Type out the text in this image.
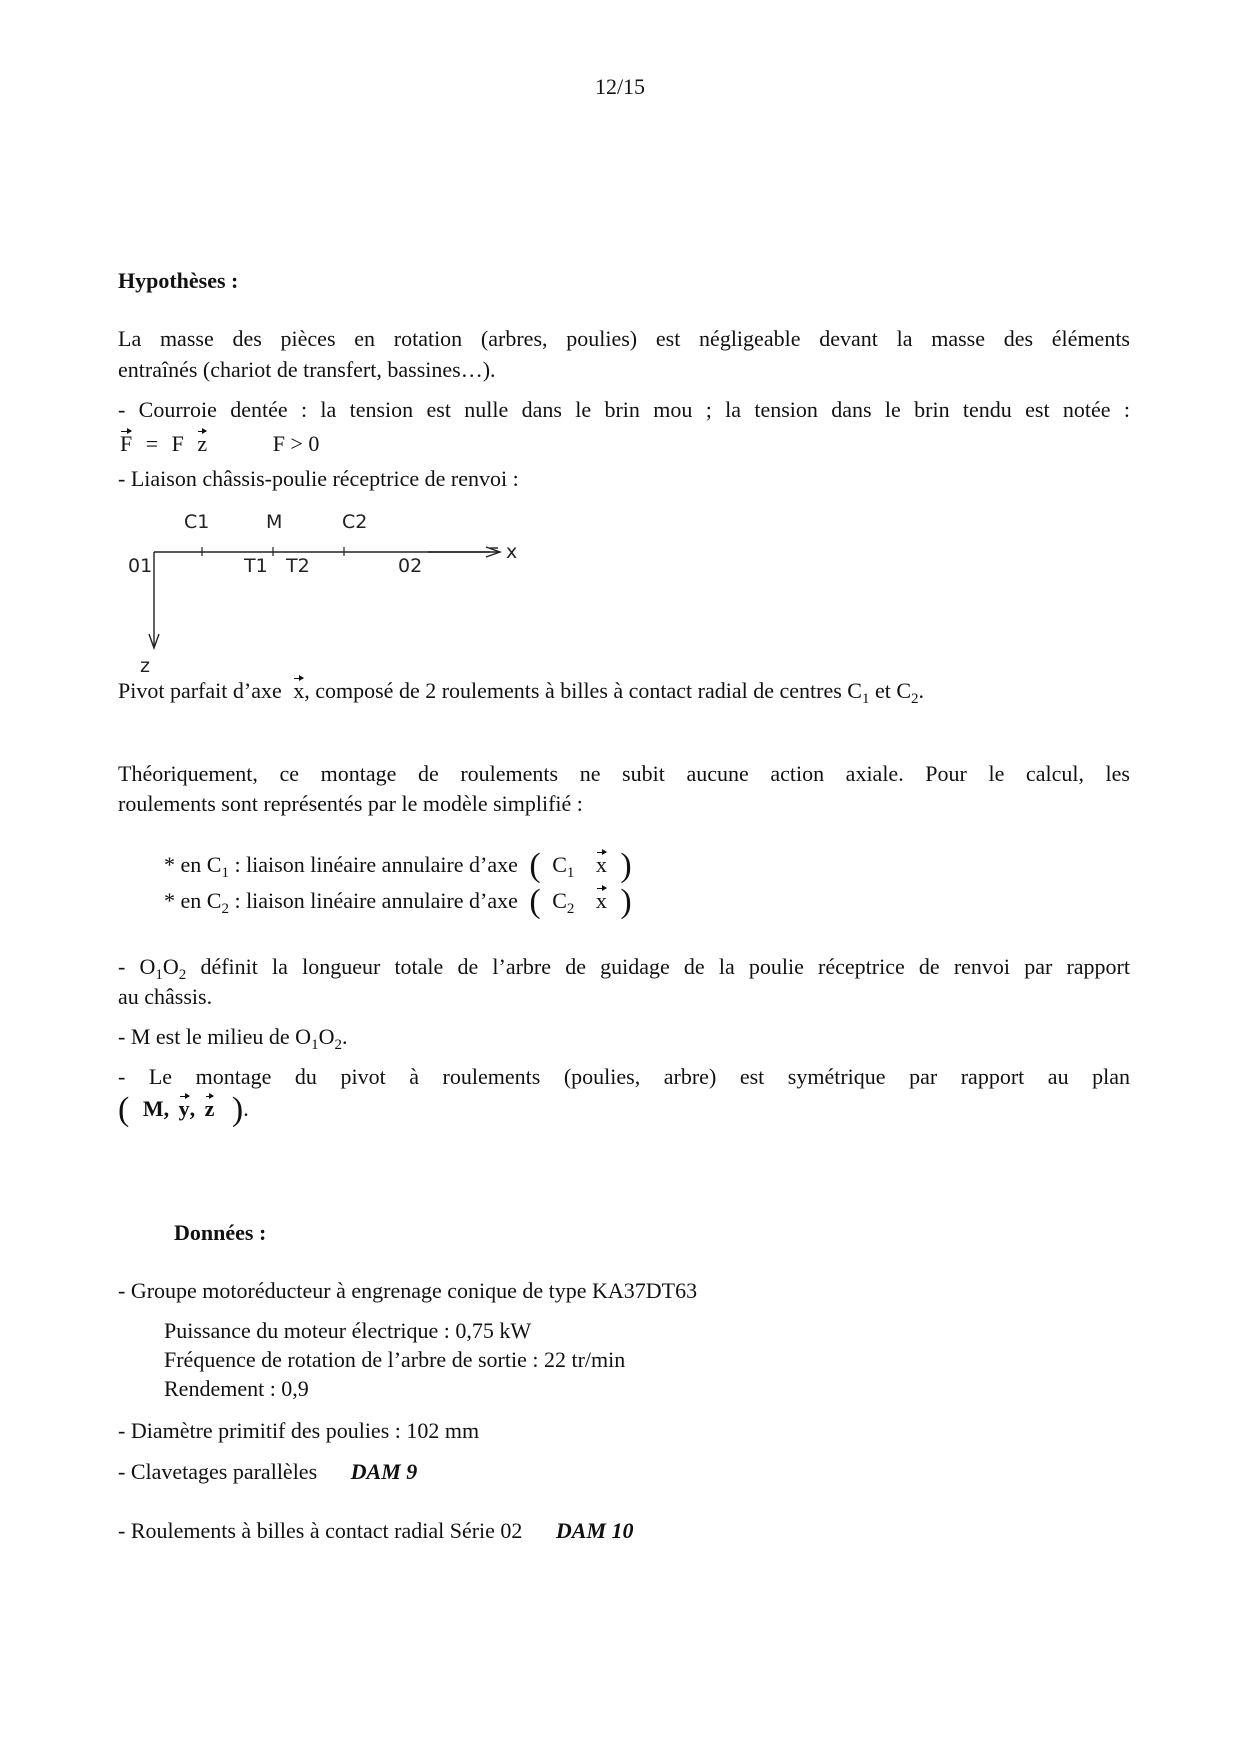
12/15
Hypothèses :
La masse des pièces en rotation (arbres, poulies) est négligeable devant la masse des éléments
entraînés (chariot de transfert, bassines…).
- Courroie dentée : la tension est nulle dans le brin mou ; la tension dans le brin tendu est notée :
F = F z	F > 0
- Liaison châssis-poulie réceptrice de renvoi :
C1	M	C2
01	T1 T2	02
x
z
Pivot parfait d’axe x, composé de 2 roulements à billes à contact radial de centres $C_1$ et $C_2$.
Théoriquement, ce montage de roulements ne subit aucune action axiale. Pour le calcul, les
roulements sont représentés par le modèle simplifié :
* en $C_1$ : liaison linéaire annulaire d’axe ( $C_1$ x )
* en $C_2$ : liaison linéaire annulaire d’axe ( $C_2$ x )
- $O_1O_2$ définit la longueur totale de l’arbre de guidage de la poulie réceptrice de renvoi par rapport
au châssis.
- M est le milieu de $O_1O_2$.
- Le montage du pivot à roulements (poulies, arbre) est symétrique par rapport au plan
( M, y, z ).
Données :
- Groupe motoréducteur à engrenage conique de type KA37DT63
Puissance du moteur électrique : 0,75 kW
Fréquence de rotation de l’arbre de sortie : 22 tr/min
Rendement : 0,9
- Diamètre primitif des poulies : 102 mm
- Clavetages parallèles DAM 9
- Roulements à billes à contact radial Série 02 DAM 10
